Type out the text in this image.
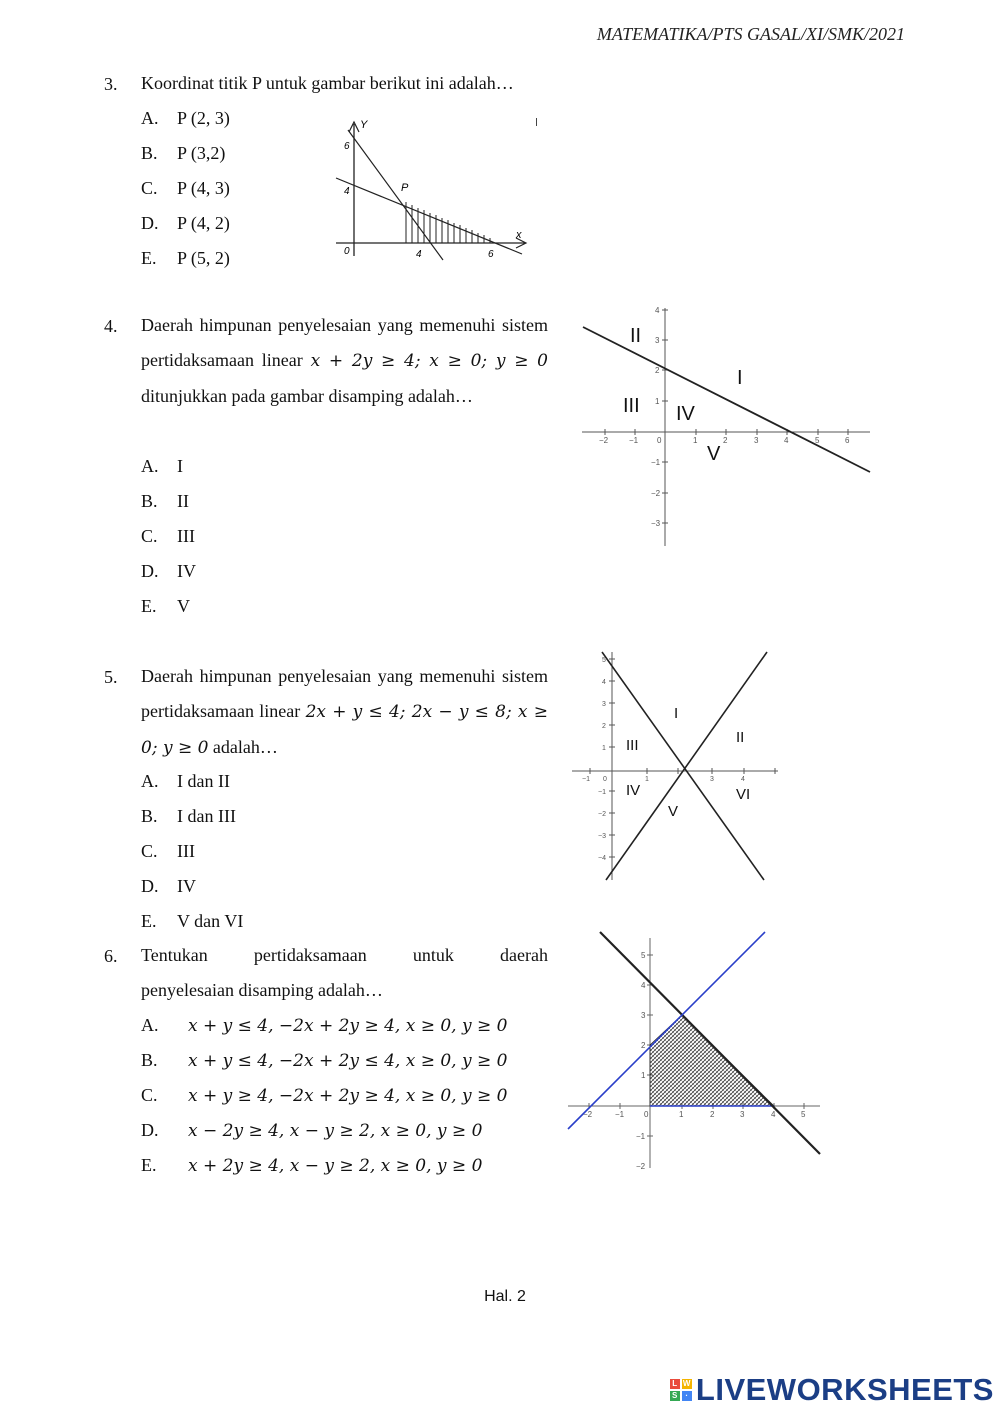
MATEMATIKA/PTS GASAL/XI/SMK/2021
3. Koordinat titik P untuk gambar berikut ini adalah…
A. P (2, 3)
B. P (3,2)
C. P (4, 3)
D. P (4, 2)
E. P (5, 2)
Y
x
P
6
4
0	4	6
4. Daerah himpunan penyelesaian yang memenuhi sistem pertidaksamaan linear x + 2y ≥ 4; x ≥ 0; y ≥ 0 ditunjukkan pada gambar disamping adalah…
A. I
B. II
C. III
D. IV
E. V
−2	−1 0	1	2	3	4	5	6
1
2
3
4
−1
−2
−3
II
I
III IV
V
5. Daerah himpunan penyelesaian yang memenuhi sistem pertidaksamaan linear 2x + y ≤ 4; 2x − y ≤ 8; x ≥ 0; y ≥ 0 adalah…
A. I dan II
B. I dan III
C. III
D. IV
E. V dan VI
−1 0	1	3	4
5
4
3
2
1
−1
−2
−3
−4
I
II
III
IV
V
VI
6. Tentukan pertidaksamaan untuk daerah
penyelesaian disamping adalah…
A. x + y ≤ 4, −2x + 2y ≥ 4, x ≥ 0, y ≥ 0
B. x + y ≤ 4, −2x + 2y ≤ 4, x ≥ 0, y ≥ 0
C. x + y ≥ 4, −2x + 2y ≥ 4, x ≥ 0, y ≥ 0
D. x − 2y ≥ 4, x − y ≥ 2, x ≥ 0, y ≥ 0
E. x + 2y ≥ 4, x − y ≥ 2, x ≥ 0, y ≥ 0
−2	−1 0	1	2	3	4	5
5
4
3
2
1
−1
−2
Hal. 2
L W
S · LIVEWORKSHEETS
